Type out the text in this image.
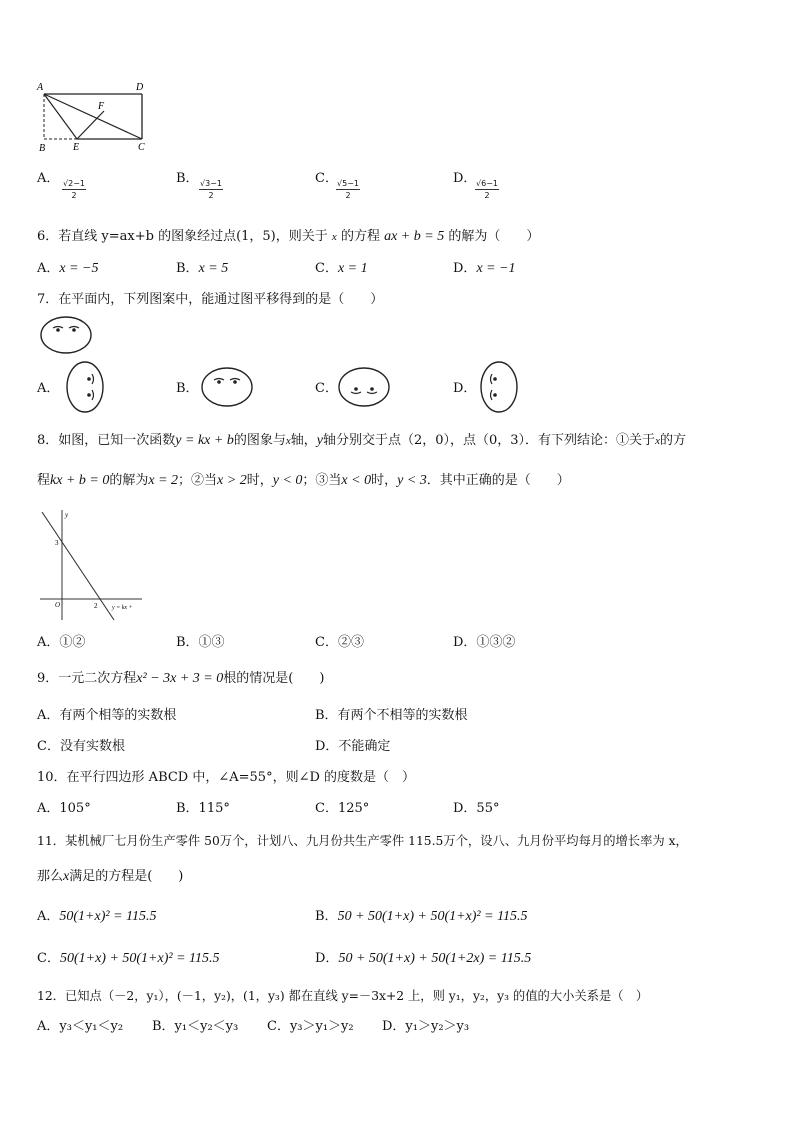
A	D
F
B	E	C
A． $\frac{√2-1}{2}$	B． $\frac{√3-1}{2}$	C．
$\frac{√5-1}{2}$	D．
$\frac{√6-1}{2}$
6．若直线 y=ax+b 的图象经过点(1，5)，则关于 x 的方程 ax + b = 5 的解为（　　）
A．x = −5	B．x = 5	C．x = 1	D．x = −1
7．在平面内，下列图案中，能通过图平移得到的是（　　）
A．	B．	C．	D．
8．如图，已知一次函数y = kx + b的图象与x轴，y轴分别交于点（2，0），点（0，3）．有下列结论：①关于x的方
程kx + b = 0的解为x = 2；②当x > 2时，y < 0；③当x < 0时，y < 3．其中正确的是（　　）
y
3
O	2 y = kx +
A．①②	B．①③	C．②③	D．①③②
9．一元二次方程x² − 3x + 3 = 0根的情况是(　　)
A．有两个相等的实数根	B．有两个不相等的实数根
C．没有实数根	D．不能确定
10．在平行四边形 ABCD 中，∠A=55°，则∠D 的度数是（　）
A．105°	B．115°	C．125°	D．55°
11．某机械厂七月份生产零件 50万个，计划八、九月份共生产零件 115.5万个，设八、九月份平均每月的增长率为 x，
那么x满足的方程是(　　)
A．50(1+x)² = 115.5	B．50 + 50(1+x) + 50(1+x)² = 115.5
C．50(1+x) + 50(1+x)² = 115.5	D．50 + 50(1+x) + 50(1+2x) = 115.5
12．已知点（－2，y₁），(－1，y₂)，(1，y₃) 都在直线 y=－3x+2 上，则 y₁，y₂，y₃ 的值的大小关系是（　）
A．y₃＜y₁＜y₂ B．y₁＜y₂＜y₃ C．y₃＞y₁＞y₂ D．y₁＞y₂＞y₃
